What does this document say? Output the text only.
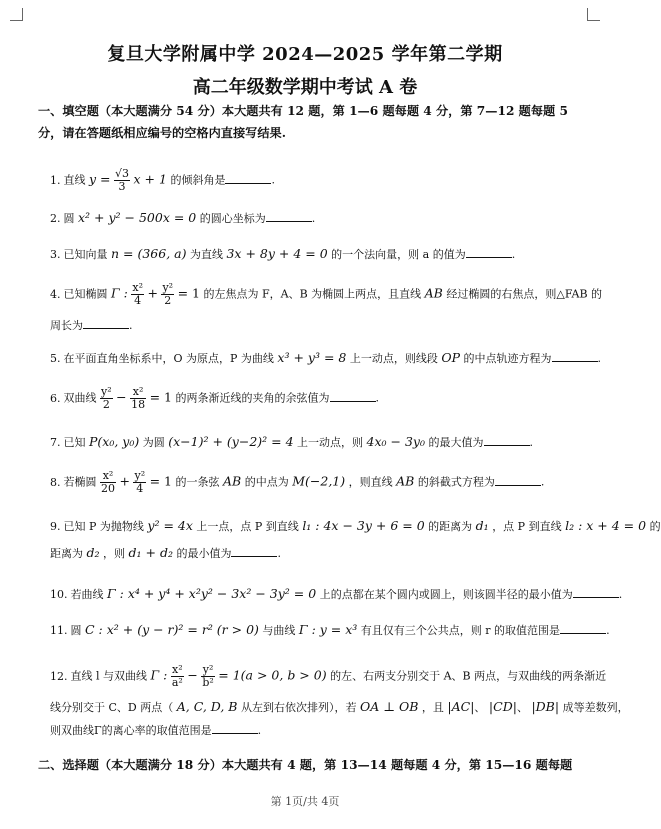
复旦大学附属中学 2024—2025 学年第二学期
高二年级数学期中考试 A 卷
一、填空题（本大题满分 54 分）本大题共有 12 题，第 1—6 题每题 4 分，第 7—12 题每题 5
分，请在答题纸相应编号的空格内直接写结果.
1. 直线 $y = \frac{√3}{3}$ x + 1 的倾斜角是	.
2. 圆 x² + y² − 500x = 0 的圆心坐标为	.
3. 已知向量 n = (366, a) 为直线 3x + 8y + 4 = 0 的一个法向量，则 a 的值为	.
4. 已知椭圆 Γ : $\frac{\text{x²}}{4} + \frac{\text{y²}}{2} = 1$ 的左焦点为 F，A、B 为椭圆上两点，且直线 AB 经过椭圆的右焦点，则△FAB 的
周长为	.
5. 在平面直角坐标系中，O 为原点，P 为曲线 x³ + y³ = 8 上一动点，则线段 OP 的中点轨迹方程为	.
6. 双曲线 $\frac{\text{y²}}{2} - \frac{\text{x²}}{18} = 1$ 的两条渐近线的夹角的余弦值为	.
7. 已知 P(x₀, y₀) 为圆 (x−1)² + (y−2)² = 4 上一动点，则 4x₀ − 3y₀ 的最大值为	.
8. 若椭圆 $\frac{\text{x²}}{20} + \frac{\text{y²}}{4} = 1$ 的一条弦 AB 的中点为 M(−2,1) ，则直线 AB 的斜截式方程为	.
9. 已知 P 为抛物线 y² = 4x 上一点，点 P 到直线 l₁ : 4x − 3y + 6 = 0 的距离为 d₁ ，点 P 到直线 l₂ : x + 4 = 0 的
距离为 d₂ ，则 d₁ + d₂ 的最小值为	.
10. 若曲线 Γ : x⁴ + y⁴ + x²y² − 3x² − 3y² = 0 上的点都在某个圆内或圆上，则该圆半径的最小值为	.
11. 圆 C : x² + (y − r)² = r² (r > 0) 与曲线 Γ : y = x³ 有且仅有三个公共点，则 r 的取值范围是	.
12. 直线 l 与双曲线 Γ : $\frac{\text{x²}}{\text{a²}} - \frac{\text{y²}}{\text{b²}} = 1(a > 0$, b > 0) 的左、右两支分别交于 A、B 两点，与双曲线的两条渐近
线分别交于 C、D 两点（ A, C, D, B 从左到右依次排列），若 OA ⊥ OB ，且 |AC|、 |CD|、 |DB| 成等差数列，
则双曲线Γ的离心率的取值范围是	.
二、选择题（本大题满分 18 分）本大题共有 4 题，第 13—14 题每题 4 分，第 15—16 题每题
第 1页/共 4页
